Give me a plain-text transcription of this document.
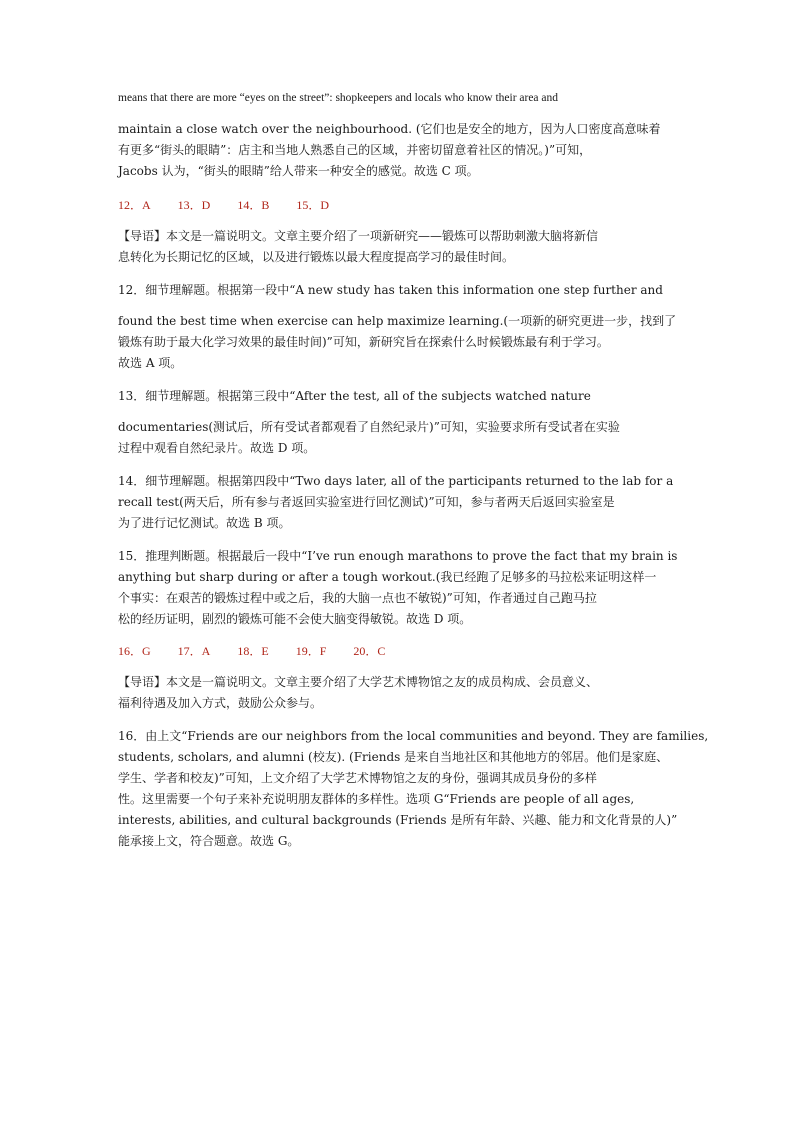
means that there are more “eyes on the street”: shopkeepers and locals who know their area and
maintain a close watch over the neighbourhood. (它们也是安全的地方，因为人口密度高意味着
有更多“街头的眼睛”：店主和当地人熟悉自己的区域，并密切留意着社区的情况。)”可知，
Jacobs 认为，“街头的眼睛”给人带来一种安全的感觉。故选 C 项。
12．A 13．D 14．B 15．D
【导语】本文是一篇说明文。文章主要介绍了一项新研究——锻炼可以帮助刺激大脑将新信
息转化为长期记忆的区域，以及进行锻炼以最大程度提高学习的最佳时间。
12．细节理解题。根据第一段中“A new study has taken this information one step further and
found the best time when exercise can help maximize learning.(一项新的研究更进一步，找到了
锻炼有助于最大化学习效果的最佳时间)”可知，新研究旨在探索什么时候锻炼最有利于学习。
故选 A 项。
13．细节理解题。根据第三段中“After the test, all of the subjects watched nature
documentaries(测试后，所有受试者都观看了自然纪录片)”可知，实验要求所有受试者在实验
过程中观看自然纪录片。故选 D 项。
14．细节理解题。根据第四段中“Two days later, all of the participants returned to the lab for a
recall test(两天后，所有参与者返回实验室进行回忆测试)”可知，参与者两天后返回实验室是
为了进行记忆测试。故选 B 项。
15．推理判断题。根据最后一段中“I’ve run enough marathons to prove the fact that my brain is
anything but sharp during or after a tough workout.(我已经跑了足够多的马拉松来证明这样一
个事实：在艰苦的锻炼过程中或之后，我的大脑一点也不敏锐)”可知，作者通过自己跑马拉
松的经历证明，剧烈的锻炼可能不会使大脑变得敏锐。故选 D 项。
16．G 17．A 18．E 19．F 20．C
【导语】本文是一篇说明文。文章主要介绍了大学艺术博物馆之友的成员构成、会员意义、
福利待遇及加入方式，鼓励公众参与。
16．由上文“Friends are our neighbors from the local communities and beyond. They are families,
students, scholars, and alumni (校友). (Friends 是来自当地社区和其他地方的邻居。他们是家庭、
学生、学者和校友)”可知，上文介绍了大学艺术博物馆之友的身份，强调其成员身份的多样
性。这里需要一个句子来补充说明朋友群体的多样性。选项 G“Friends are people of all ages,
interests, abilities, and cultural backgrounds (Friends 是所有年龄、兴趣、能力和文化背景的人)”
能承接上文，符合题意。故选 G。
